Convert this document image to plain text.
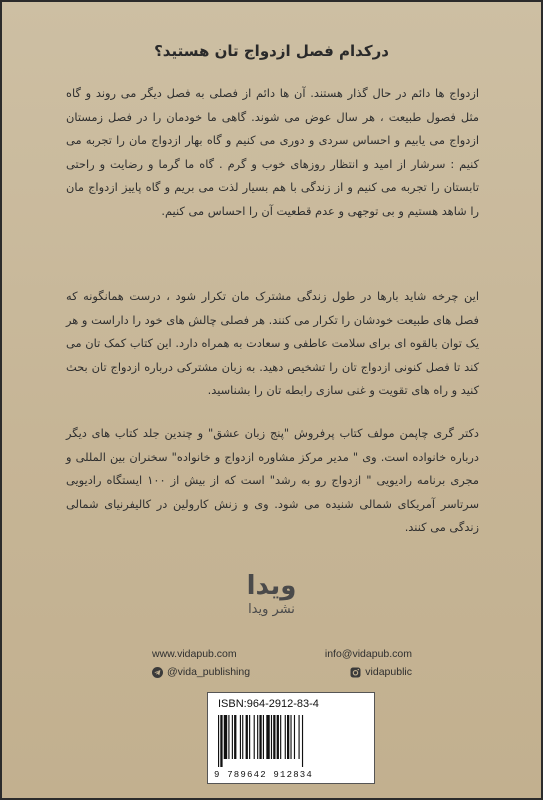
درکدام فصل ازدواج تان هستید؟
ازدواج ها دائم در حال گذار هستند. آن ها دائم از فصلی به فصل دیگر می روند و گاه مثل فصول طبیعت ، هر سال عوض می شوند. گاهی ما خودمان را در فصل زمستان ازدواج می یابیم و احساس سردی و دوری می کنیم و گاه بهار ازدواج مان را تجربه می کنیم : سرشار از امید و انتظار روزهای خوب و گرم . گاه ما گرما و رضایت و راحتی تابستان را تجربه می کنیم و از زندگی با هم بسیار لذت می بریم و گاه پاییز ازدواج مان را شاهد هستیم و بی توجهی و عدم قطعیت آن را احساس می کنیم.
این چرخه شاید بارها در طول زندگی مشترک مان تکرار شود ، درست همانگونه که فصل های طبیعت خودشان را تکرار می کنند. هر فصلی چالش های خود را داراست و هر یک توان بالقوه ای برای سلامت عاطفی و سعادت به همراه دارد. این کتاب کمک تان می کند تا فصل کنونی ازدواج تان را تشخیص دهید. به زبان مشترکی درباره ازدواج تان بحث کنید و راه های تقویت و غنی سازی رابطه تان را بشناسید.
دکتر گری چاپمن مولف کتاب پرفروش "پنج زبان عشق" و چندین جلد کتاب های دیگر درباره خانواده است. وی " مدیر مرکز مشاوره ازدواج و خانواده" سخنران بین المللی و مجری برنامه رادیویی " ازدواج رو به رشد" است که از بیش از ۱۰۰ ایستگاه رادیویی سرتاسر آمریکای شمالی شنیده می شود. وی و زنش کارولین در کالیفرنیای شمالی زندگی می کنند.
ویدا
نشر ویدا
www.vidapub.com	info@vidapub.com
@vida_publishing	vidapublic
ISBN:964-2912-83-4
9 789642 912834
